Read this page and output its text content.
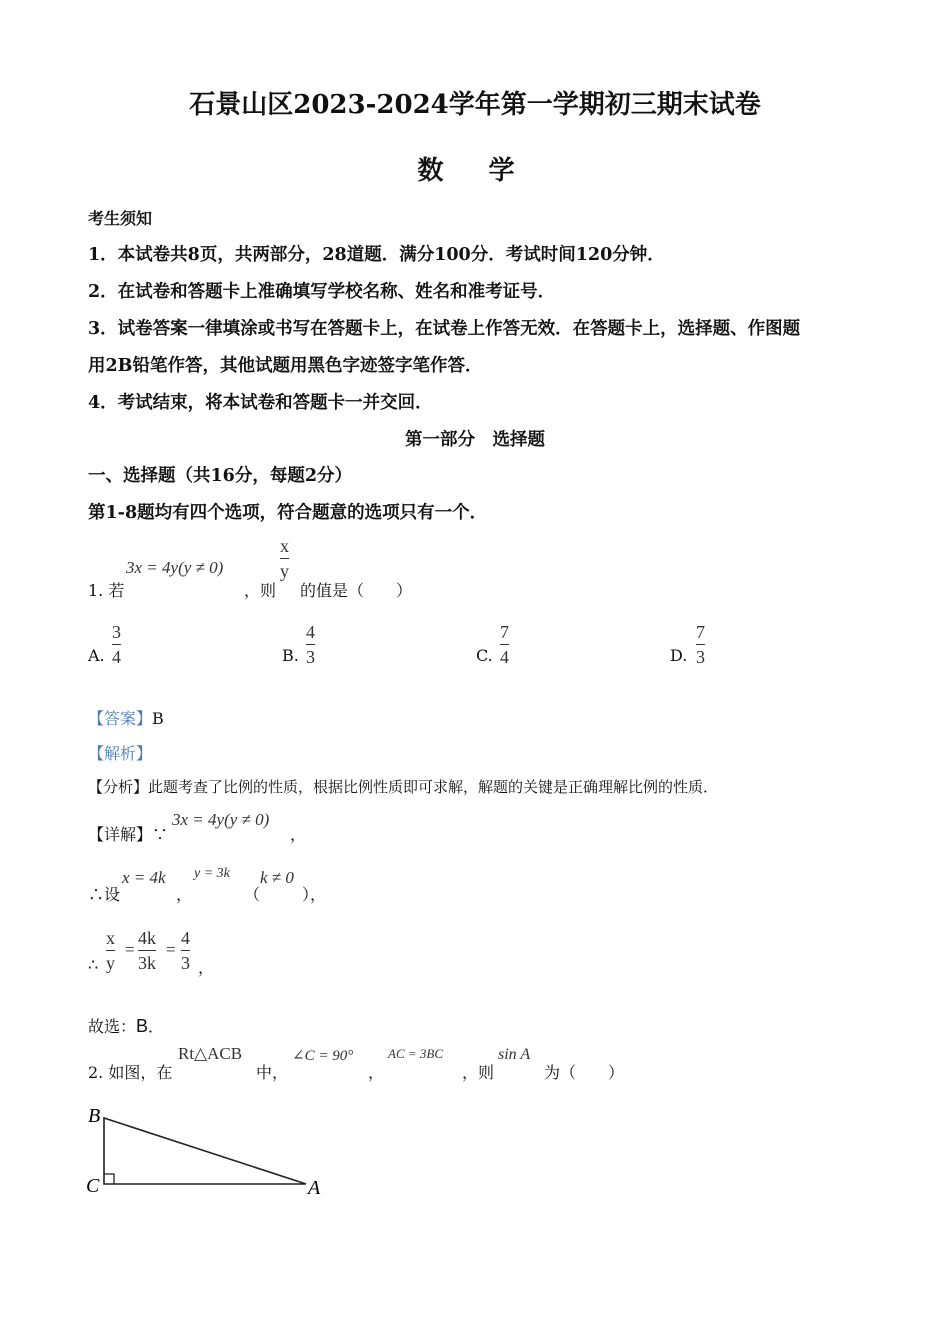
石景山区2023-2024学年第一学期初三期末试卷
数 学
考生须知
1．本试卷共8页，共两部分，28道题．满分100分．考试时间120分钟．
2．在试卷和答题卡上准确填写学校名称、姓名和准考证号．
3．试卷答案一律填涂或书写在答题卡上，在试卷上作答无效．在答题卡上，选择题、作图题
用2B铅笔作答，其他试题用黑色字迹签字笔作答．
4．考试结束，将本试卷和答题卡一并交回．
第一部分　选择题
一、选择题（共16分，每题2分）
第1-8题均有四个选项，符合题意的选项只有一个．
1. 若
3x = 4y(y ≠ 0)
，则
x
y
的值是（　　）
A.
3
4	B.
4
3	C.
7
4	D.
7
3
【答案】B
【解析】
【分析】此题考查了比例的性质，根据比例性质即可求解，解题的关键是正确理解比例的性质．
【详解】∵
3x = 4y(y ≠ 0)
，
∴设
x = 4k
，
y = 3k
（
k ≠ 0
），
∴
x
y
=
4k
3k
=
4
3 ，
故选：B．
2. 如图，在
Rt△ACB
中，
∠C = 90°
，
AC = 3BC
，则
sin A
为（　　）
B
C	A
